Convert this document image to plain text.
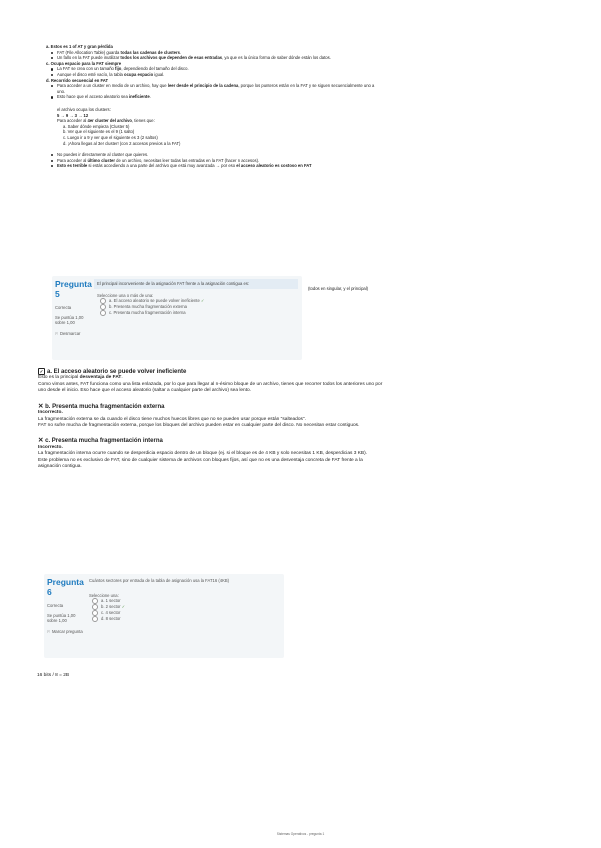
a. Estos es 1 of AT y gran pérdida
FAT (File Allocation Table) guarda todas las cadenas de clusters.
Un fallo en la FAT puede inutilizar todos los archivos que dependen de esas entradas, ya que es la única forma de saber dónde están los datos.
c. Ocupa espacio para la FAT siempre
La FAT se crea con un tamaño fijo, dependiendo del tamaño del disco.
Aunque el disco esté vacío, la tabla ocupa espacio igual.
d. Recorrido secuencial en FAT
Para acceder a un cluster en medio de un archivo, hay que leer desde el principio de la cadena, porque los punteros están en la FAT y se siguen secuencialmente uno a uno.
Esto hace que el acceso aleatorio sea ineficiente.
el archivo ocupa los clusters:
5 → 9 → 3 → 12
Para acceder al 4er cluster del archivo, tienes que:
a. Saber dónde empieza (Cluster 5)
b. Ver que el siguiente es el 9 (1 salto)
c. Luego ir a 9 y ver que el siguiente es 3 (2 saltos)
d. ¡Ahora llegas al 3er cluster! (con 2 accesos previos a la FAT)
No puedes ir directamente al cluster que quieres.
Para acceder al último cluster de un archivo, necesitas leer todas las entradas en la FAT (hacer n accesos).
Esto es terrible si estás accediendo a una parte del archivo que está muy avanzada → por eso el acceso aleatorio es costoso en FAT
Pregunta
5
Correcta
Se puntúa 1,00 sobre 1,00
⚐ Desmarcar
El principal inconveniente de la asignación FAT frente a la asignación contigua es:
Seleccione una o más de una:
a. El acceso aleatorio se puede volver ineficiente ✓
b. Presenta mucha fragmentación externa
c. Presenta mucha fragmentación interna
(todos en singular, y el principal)
✓ a. El acceso aleatorio se puede volver ineficiente
Esto es la principal desventaja de FAT.
Como vimos antes, FAT funciona como una lista enlazada, por lo que para llegar al n-ésimo bloque de un archivo, tienes que recorrer todos los anteriores uno por uno desde el inicio. Eso hace que el acceso aleatorio (saltar a cualquier parte del archivo) sea lento.
✕ b. Presenta mucha fragmentación externa
Incorrecto.
La fragmentación externa se da cuando el disco tiene muchos huecos libres que no se pueden usar porque están "salteados".
FAT no sufre mucha de fragmentación externa, porque los bloques del archivo pueden estar en cualquier parte del disco. No necesitan estar contiguos.
✕ c. Presenta mucha fragmentación interna
Incorrecto.
La fragmentación interna ocurre cuando se desperdicia espacio dentro de un bloque (ej. si el bloque es de 4 KB y solo necesitas 1 KB, desperdicias 3 KB).
Este problema no es exclusivo de FAT, sino de cualquier sistema de archivos con bloques fijos, así que no es una desventaja concreta de FAT frente a la asignación contigua.
Pregunta
6
Correcta
Se puntúa 1,00 sobre 1,00
⚐ Marcar pregunta
Cuántos sectores por entrada de la tabla de asignación usa la FAT16 (4KB)
Seleccione una:
a. 1 sector
b. 2 sector ✓
c. 4 sector
d. 8 sector
16 bits / 8 = 2B
Sistemas Operativos - pregunta 1
